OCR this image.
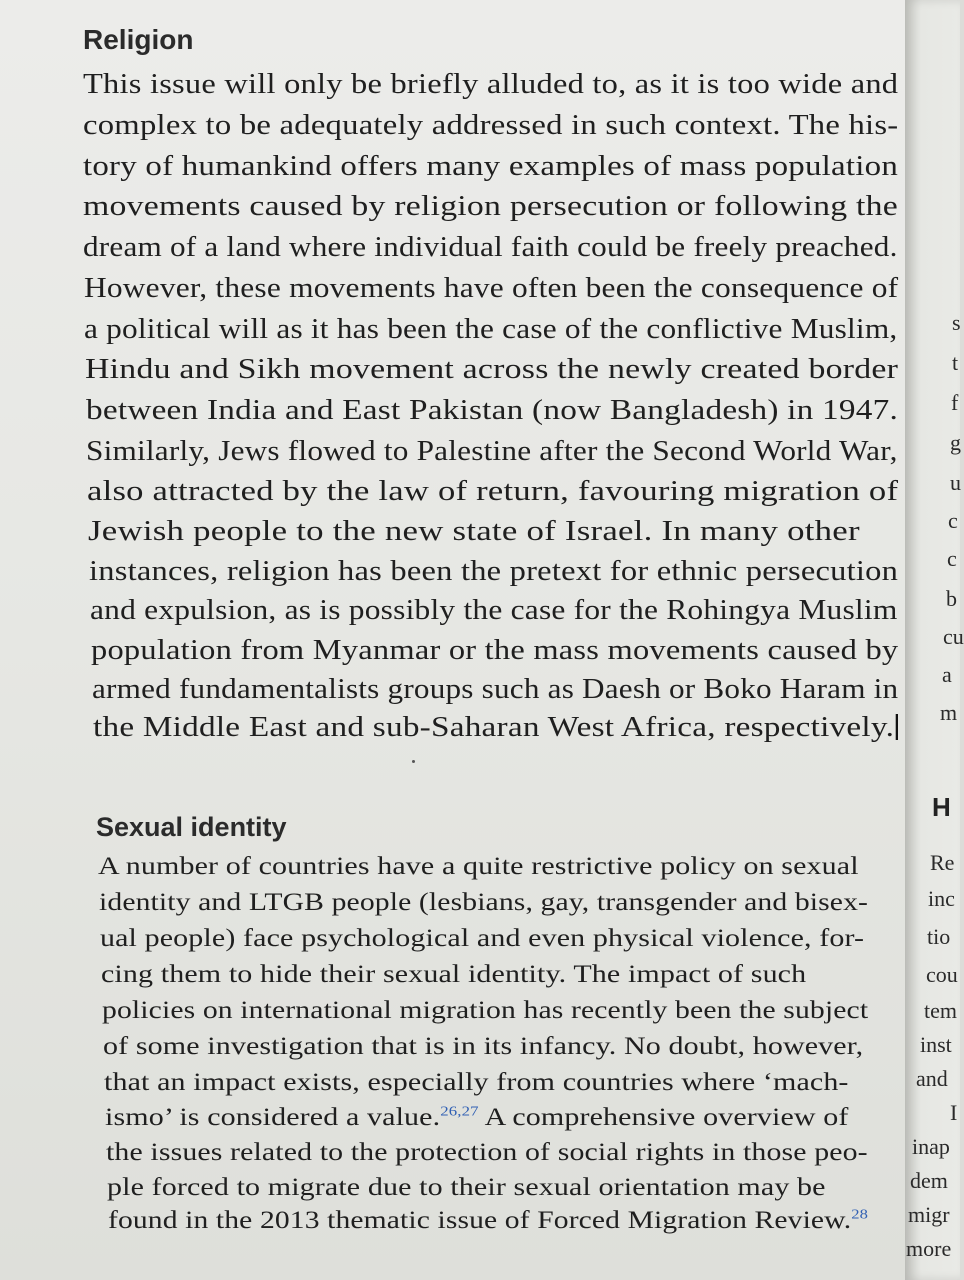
Religion

This issue will only be briefly alluded to, as it is too wide and

complex to be adequately addressed in such context. The his-

tory of humankind offers many examples of mass population

movements caused by religion persecution or following the

dream of a land where individual faith could be freely preached.

However, these movements have often been the consequence of

a political will as it has been the case of the conflictive Muslim,

Hindu and Sikh movement across the newly created border

between India and East Pakistan (now Bangladesh) in 1947.

Similarly, Jews flowed to Palestine after the Second World War,

also attracted by the law of return, favouring migration of

Jewish people to the new state of Israel. In many other

instances, religion has been the pretext for ethnic persecution

and expulsion, as is possibly the case for the Rohingya Muslim

population from Myanmar or the mass movements caused by

armed fundamentalists groups such as Daesh or Boko Haram in

the Middle East and sub-Saharan West Africa, respectively.

Sexual identity

A number of countries have a quite restrictive policy on sexual

identity and LTGB people (lesbians, gay, transgender and bisex-

ual people) face psychological and even physical violence, for-

cing them to hide their sexual identity. The impact of such

policies on international migration has recently been the subject

of some investigation that is in its infancy. No doubt, however,

that an impact exists, especially from countries where ‘mach-

ismo’ is considered a value.$^{26,27}$ A comprehensive overview of

the issues related to the protection of social rights in those peo-

ple forced to migrate due to their sexual orientation may be

found in the 2013 thematic issue of Forced Migration Review.$^{28}$

s
t
f
g
u
c
c
b
cu
a
m
H
Re
inc
tio
cou
tem
inst
and
I
inap
dem
migr
more
